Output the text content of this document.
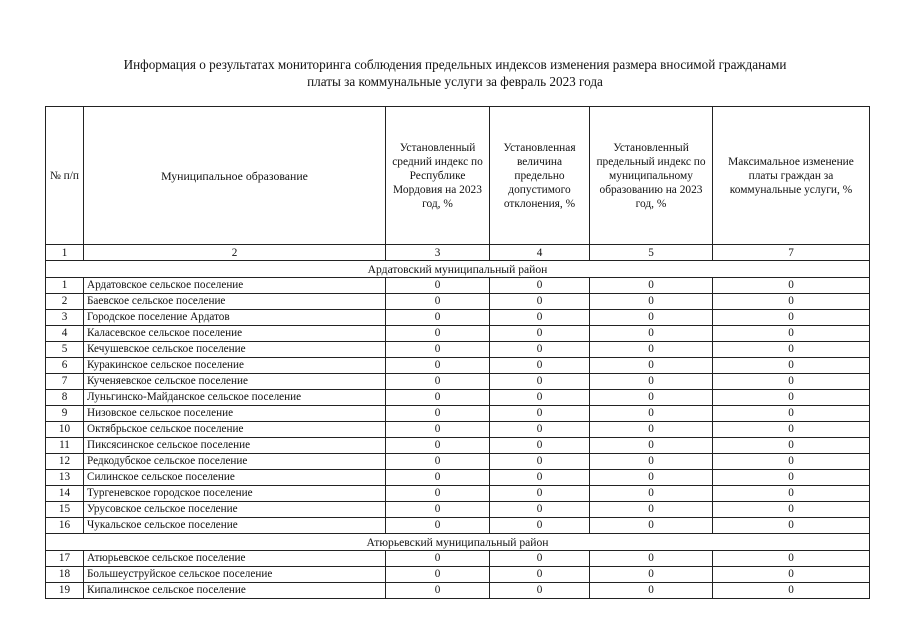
Информация о результатах мониторинга соблюдения предельных индексов изменения размера вносимой гражданами
платы за коммунальные услуги за февраль 2023 года
№ п/п	Муниципальное образование	Установленный средний индекс по Республике Мордовия на 2023 год, %	Установленная величина предельно допустимого отклонения, %	Установленный предельный индекс по муниципальному образованию на 2023 год, %	Максимальное изменение платы граждан за коммунальные услуги, %
1	2	3	4	5	7
Ардатовский муниципальный район					
1	Ардатовское сельское поселение	0	0	0	0
2	Баевское сельское поселение	0	0	0	0
3	Городское поселение Ардатов	0	0	0	0
4	Каласевское сельское поселение	0	0	0	0
5	Кечушевское сельское поселение	0	0	0	0
6	Куракинское сельское поселение	0	0	0	0
7	Кученяевское сельское поселение	0	0	0	0
8	Луньгинско-Майданское сельское поселение	0	0	0	0
9	Низовское сельское поселение	0	0	0	0
10	Октябрьское сельское поселение	0	0	0	0
11	Пиксясинское сельское поселение	0	0	0	0
12	Редкодубское сельское поселение	0	0	0	0
13	Силинское сельское поселение	0	0	0	0
14	Тургеневское городское поселение	0	0	0	0
15	Урусовское сельское поселение	0	0	0	0
16	Чукальское сельское поселение	0	0	0	0
Атюрьевский муниципальный район					
17	Атюрьевское сельское поселение	0	0	0	0
18	Большеуструйское сельское поселение	0	0	0	0
19	Кипалинское сельское поселение	0	0	0	0
